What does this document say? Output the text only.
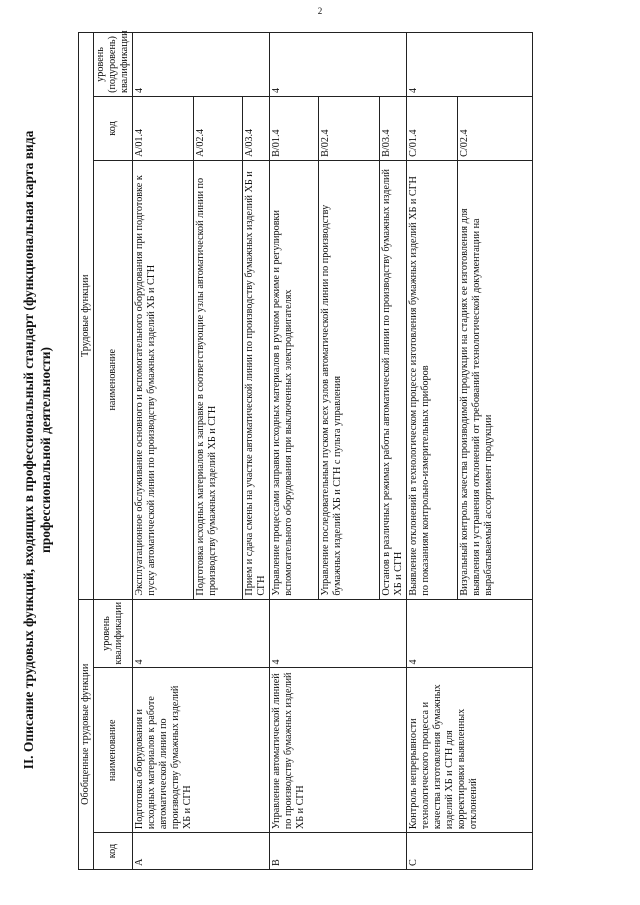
2
II. Описание трудовых функций, входящих в профессиональный стандарт (функциональная карта вида профессиональной деятельности)
Обобщенные трудовые функции			Трудовые функции		
код	наименование	уровень квалификации	наименование	код	уровень (подуровень) квалификации
A	Подготовка оборудования и исходных материалов к работе автоматической линии по производству бумажных изделий ХБ и СГН	4	Эксплуатационное обслуживание основного и вспомогательного оборудования при подготовке к пуску автоматической линии по производству бумажных изделий ХБ и СГН	A/01.4	4
			Подготовка исходных материалов к заправке в соответствующие узлы автоматической линии по производству бумажных изделий ХБ и СГН	A/02.4	
			Прием и сдача смены на участке автоматической линии по производству бумажных изделий ХБ и СГН	A/03.4	
B	Управление автоматической линией по производству бумажных изделий ХБ и СГН	4	Управление процессами заправки исходных материалов в ручном режиме и регулировки вспомогательного оборудования при выключенных электродвигателях	B/01.4	4
			Управление последовательным пуском всех узлов автоматической линии по производству бумажных изделий ХБ и СГН с пульта управления	B/02.4	
			Останов в различных режимах работы автоматической линии по производству бумажных изделий ХБ и СГН	B/03.4	
C	Контроль непрерывности технологического процесса и качества изготовления бумажных изделий ХБ и СГН для корректировки выявленных отклонений	4	Выявление отклонений в технологическом процессе изготовления бумажных изделий ХБ и СГН по показаниям контрольно-измерительных приборов	C/01.4	4
			Визуальный контроль качества производимой продукции на стадиях ее изготовления для выявления и устранения отклонений от требований технологической документации на вырабатываемый ассортимент продукции	C/02.4	
